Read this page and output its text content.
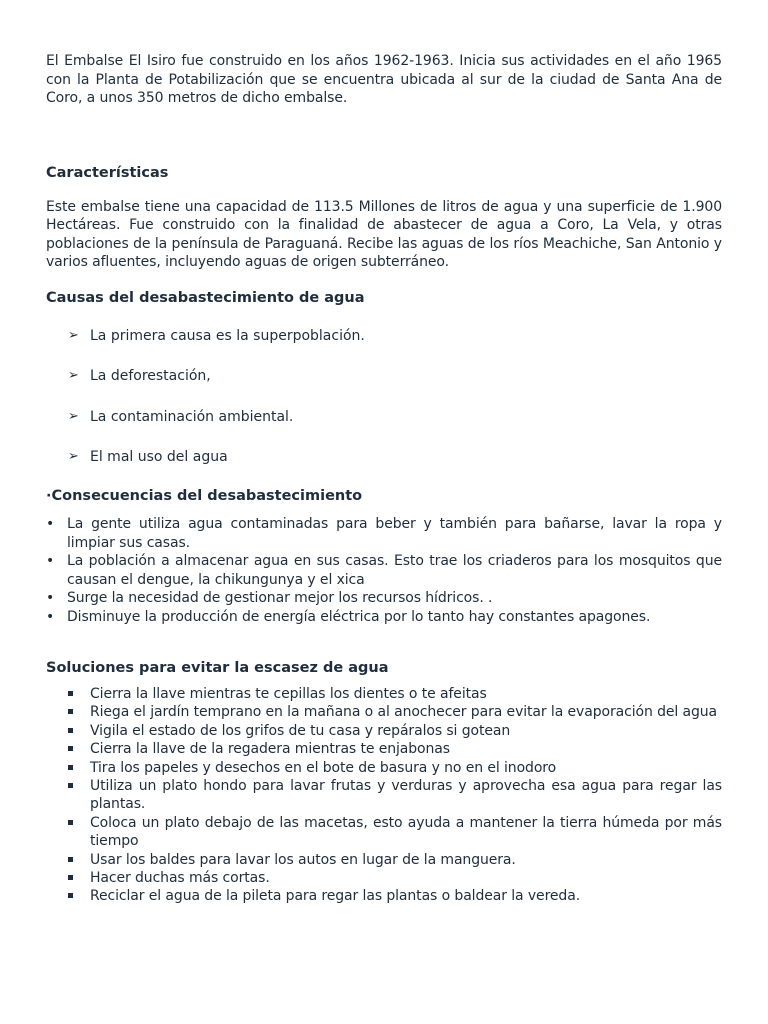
El Embalse El Isiro fue construido en los años 1962-1963. Inicia sus actividades en el año 1965 con la Planta de Potabilización que se encuentra ubicada al sur de la ciudad de Santa Ana de Coro, a unos 350 metros de dicho embalse.

Características

Este embalse tiene una capacidad de 113.5 Millones de litros de agua y una superficie de 1.900 Hectáreas. Fue construido con la finalidad de abastecer de agua a Coro, La Vela, y otras poblaciones de la península de Paraguaná. Recibe las aguas de los ríos Meachiche, San Antonio y varios afluentes, incluyendo aguas de origen subterráneo.

Causas del desabastecimiento de agua
➢ La primera causa es la superpoblación.
➢ La deforestación,
➢ La contaminación ambiental.
➢ El mal uso del agua
·Consecuencias del desabastecimiento
• La gente utiliza agua contaminadas para beber y también para bañarse, lavar la ropa y limpiar sus casas.
• La población a almacenar agua en sus casas. Esto trae los criaderos para los mosquitos que causan el dengue, la chikungunya y el xica
• Surge la necesidad de gestionar mejor los recursos hídricos. .
• Disminuye la producción de energía eléctrica por lo tanto hay constantes apagones.
Soluciones para evitar la escasez de agua
Cierra la llave mientras te cepillas los dientes o te afeitas
Riega el jardín temprano en la mañana o al anochecer para evitar la evaporación del agua
Vigila el estado de los grifos de tu casa y repáralos si gotean
Cierra la llave de la regadera mientras te enjabonas
Tira los papeles y desechos en el bote de basura y no en el inodoro
Utiliza un plato hondo para lavar frutas y verduras y aprovecha esa agua para regar las plantas.
Coloca un plato debajo de las macetas, esto ayuda a mantener la tierra húmeda por más tiempo
Usar los baldes para lavar los autos en lugar de la manguera.
Hacer duchas más cortas.
Reciclar el agua de la pileta para regar las plantas o baldear la vereda.
